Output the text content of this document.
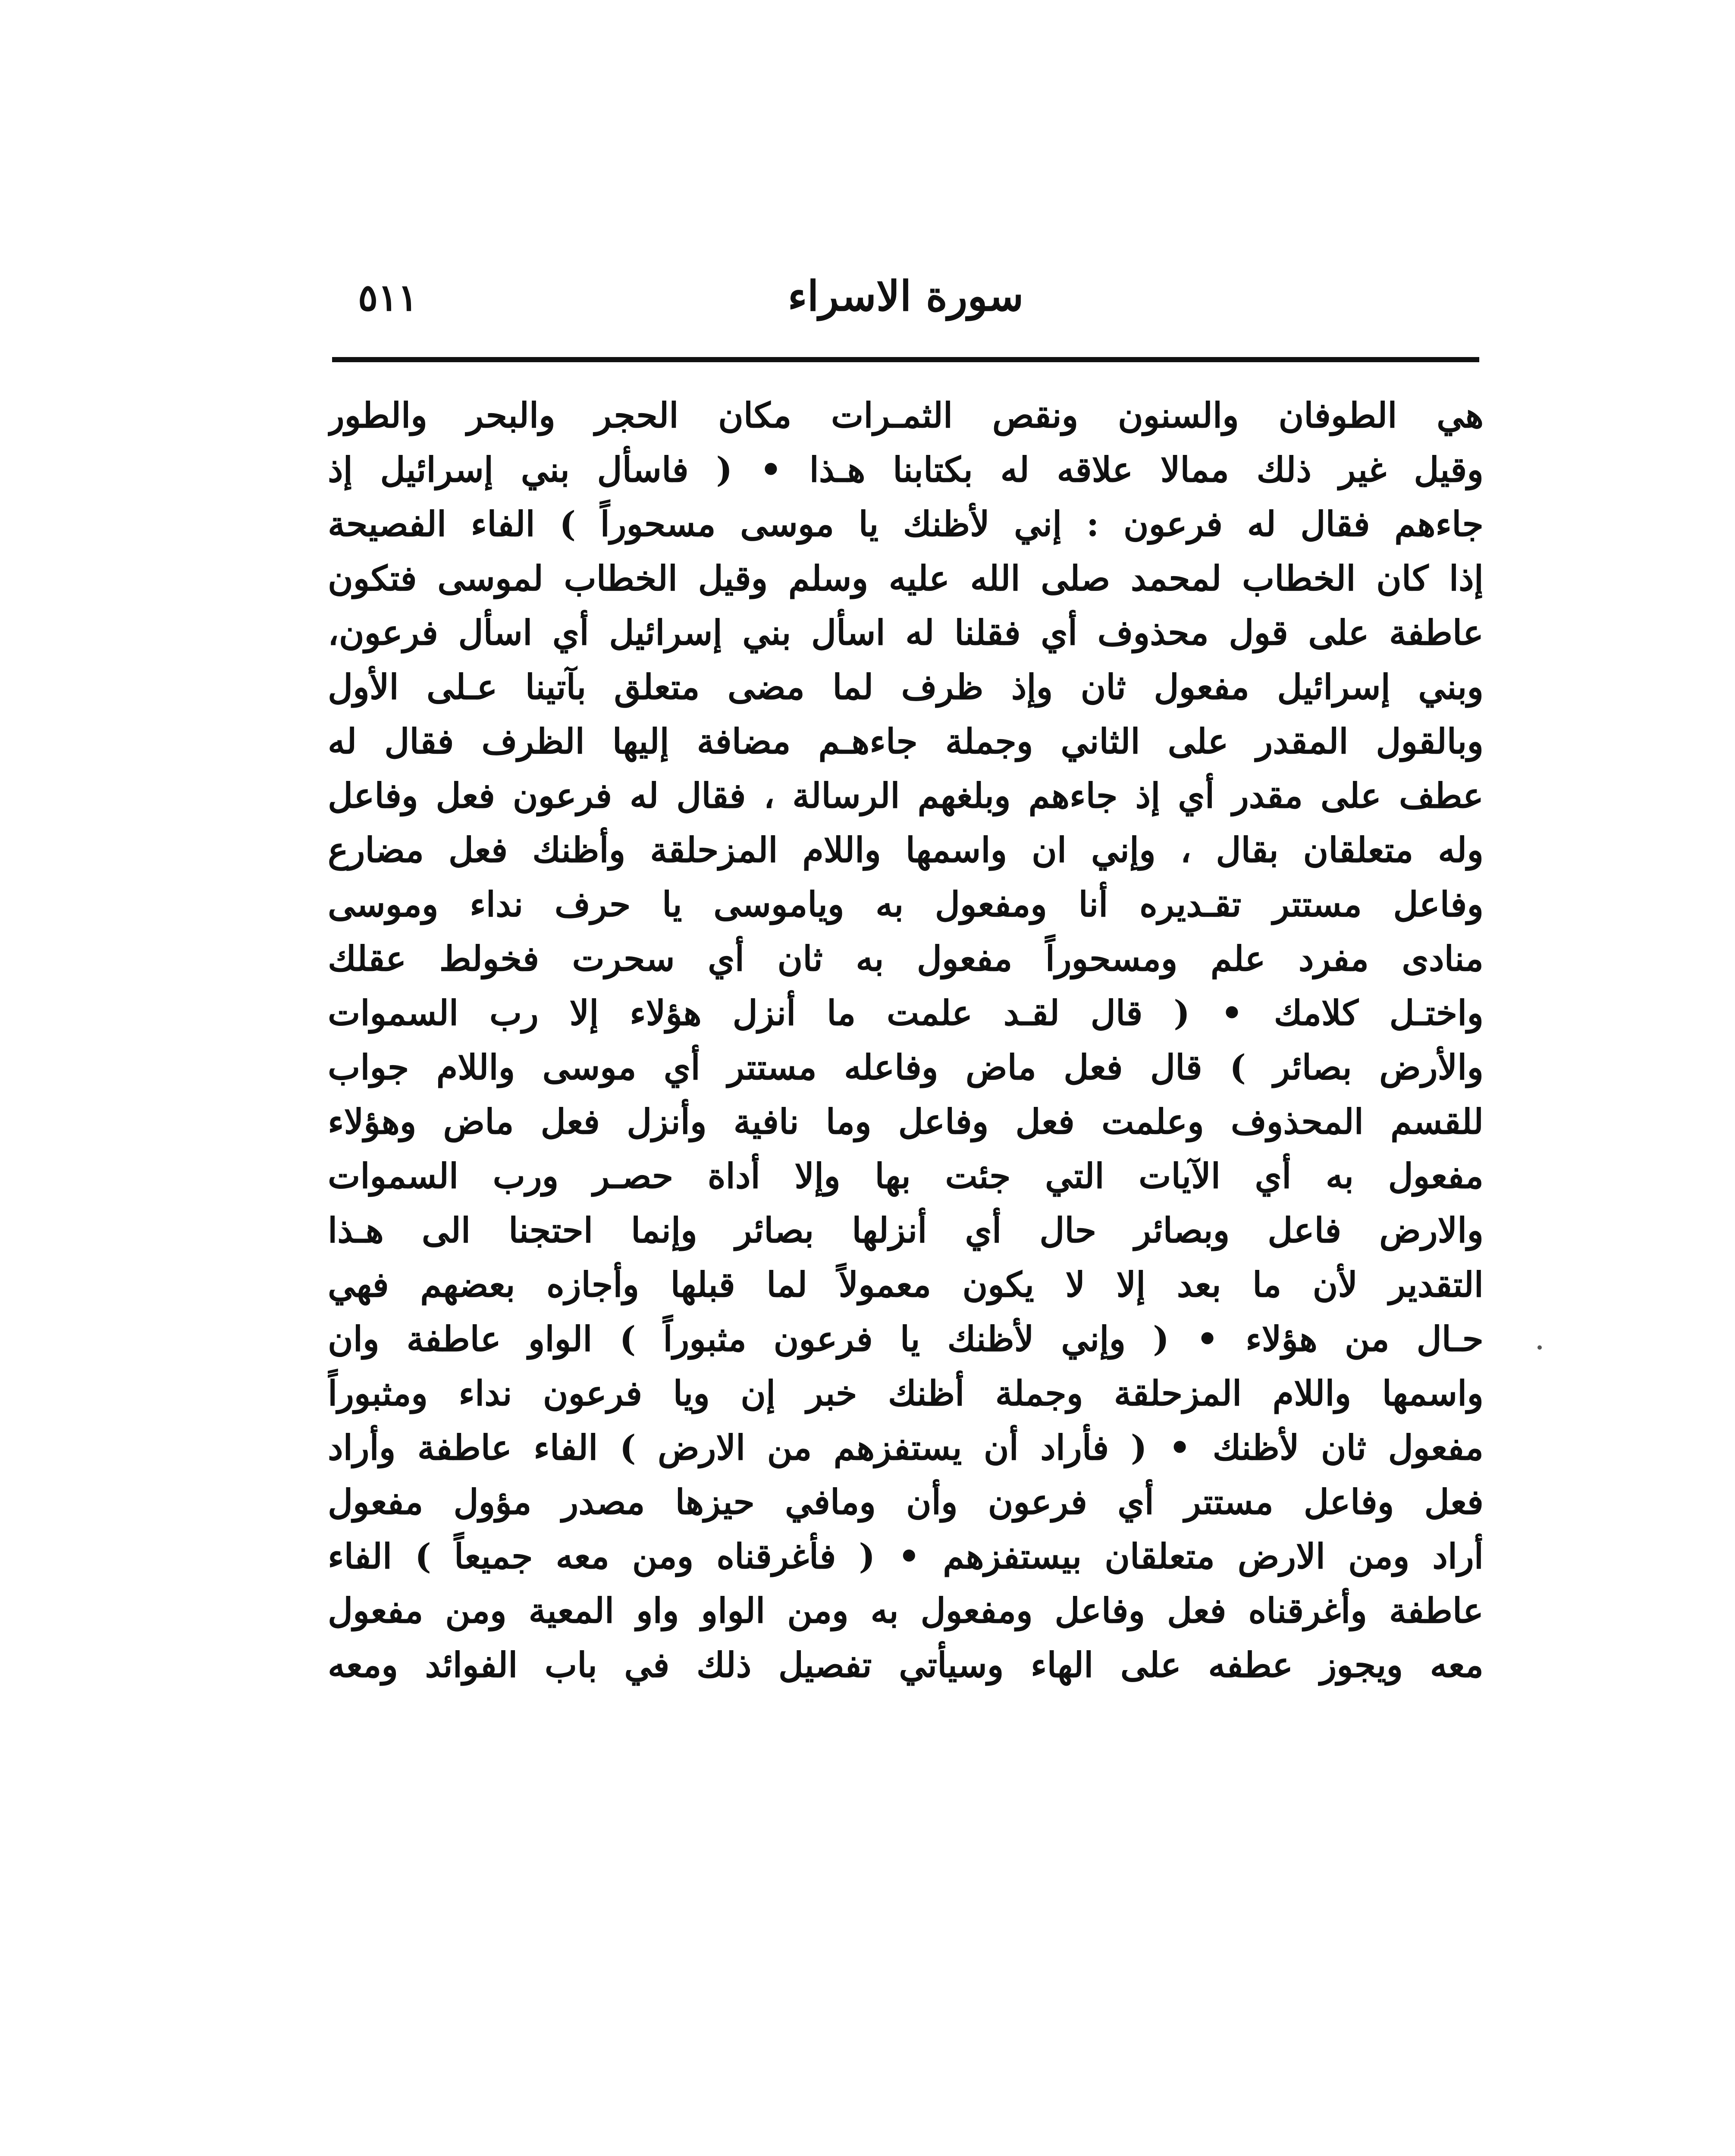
٥١١	سورة الاسراء
هي الطوفان والسنون ونقص الثمـرات مكان الحجر والبحر والطور
وقيل غير ذلك ممالا علاقه له بكتابنا هـذا • ( فاسأل بني إسرائيل إذ
جاءهم فقال له فرعون : إني لأظنك يا موسى مسحوراً ) الفاء الفصيحة
إذا كان الخطاب لمحمد صلى الله عليه وسلم وقيل الخطاب لموسى فتكون
عاطفة على قول محذوف أي فقلنا له اسأل بني إسرائيل أي اسأل فرعون،
وبني إسرائيل مفعول ثان وإذ ظرف لما مضى متعلق بآتينا عـلى الأول
وبالقول المقدر على الثاني وجملة جاءهـم مضافة إليها الظرف فقال له
عطف على مقدر أي إذ جاءهم وبلغهم الرسالة ، فقال له فرعون فعل وفاعل
وله متعلقان بقال ، وإني ان واسمها واللام المزحلقة وأظنك فعل مضارع
وفاعل مستتر تقـديره أنا ومفعول به وياموسى يا حرف نداء وموسى
منادى مفرد علم ومسحوراً مفعول به ثان أي سحرت فخولط عقلك
واختـل كلامك • ( قال لقـد علمت ما أنزل هؤلاء إلا رب السموات
والأرض بصائر ) قال فعل ماض وفاعله مستتر أي موسى واللام جواب
للقسم المحذوف وعلمت فعل وفاعل وما نافية وأنزل فعل ماض وهؤلاء
مفعول به أي الآيات التي جئت بها وإلا أداة حصـر ورب السموات
والارض فاعل وبصائر حال أي أنزلها بصائر وإنما احتجنا الى هـذا
التقدير لأن ما بعد إلا لا يكون معمولاً لما قبلها وأجازه بعضهم فهي
حـال من هؤلاء • ( وإني لأظنك يا فرعون مثبوراً ) الواو عاطفة وان
واسمها واللام المزحلقة وجملة أظنك خبر إن ويا فرعون نداء ومثبوراً
مفعول ثان لأظنك • ( فأراد أن يستفزهم من الارض ) الفاء عاطفة وأراد
فعل وفاعل مستتر أي فرعون وأن ومافي حيزها مصدر مؤول مفعول
أراد ومن الارض متعلقان بيستفزهم • ( فأغرقناه ومن معه جميعاً ) الفاء
عاطفة وأغرقناه فعل وفاعل ومفعول به ومن الواو واو المعية ومن مفعول
معه ويجوز عطفه على الهاء وسيأتي تفصيل ذلك في باب الفوائد ومعه
